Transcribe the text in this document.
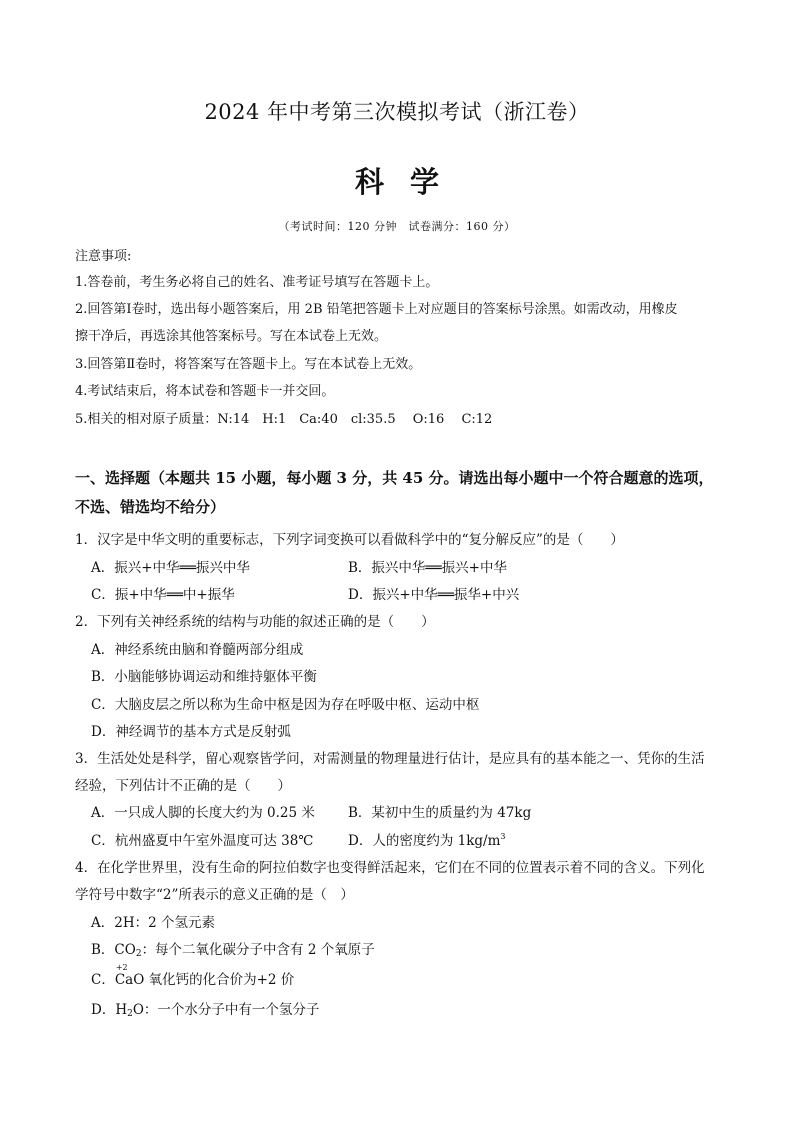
2024 年中考第三次模拟考试（浙江卷）
科学
（考试时间：120 分钟　试卷满分：160 分）
注意事项:
1.答卷前，考生务必将自己的姓名、准考证号填写在答题卡上。
2.回答第Ⅰ卷时，选出每小题答案后，用 2B 铅笔把答题卡上对应题目的答案标号涂黑。如需改动，用橡皮
擦干净后，再选涂其他答案标号。写在本试卷上无效。
3.回答第Ⅱ卷时，将答案写在答题卡上。写在本试卷上无效。
4.考试结束后，将本试卷和答题卡一并交回。
5.相关的相对原子质量：N:14　H:1　Ca:40　cl:35.5　 O:16　 C:12
一、选择题（本题共 15 小题，每小题 3 分，共 45 分。请选出每小题中一个符合题意的选项，
不选、错选均不给分）
1．汉字是中华文明的重要标志，下列字词变换可以看做科学中的“复分解反应”的是（　　）
A．振兴+中华══振兴中华	B．振兴中华══振兴+中华
C．振+中华══中+振华	D．振兴+中华══振华+中兴
2．下列有关神经系统的结构与功能的叙述正确的是（　　）
A．神经系统由脑和脊髓两部分组成
B．小脑能够协调运动和维持躯体平衡
C．大脑皮层之所以称为生命中枢是因为存在呼吸中枢、运动中枢
D．神经调节的基本方式是反射弧
3．生活处处是科学，留心观察皆学问，对需测量的物理量进行估计，是应具有的基本能之一、凭你的生活
经验，下列估计不正确的是（　　）
A．一只成人脚的长度大约为 0.25 米 B．某初中生的质量约为 47kg
C．杭州盛夏中午室外温度可达 38℃	D．人的密度约为 $1kg/m^3$
4．在化学世界里，没有生命的阿拉伯数字也变得鲜活起来，它们在不同的位置表示着不同的含义。下列化
学符号中数字“2”所表示的意义正确的是（　）
A．2H：2 个氢元素
B．$CO_2$：每个二氧化碳分子中含有 2 个氧原子
C．
+2
CaO 氧化钙的化合价为+2 价
D．$H_2O$：一个水分子中有一个氢分子
